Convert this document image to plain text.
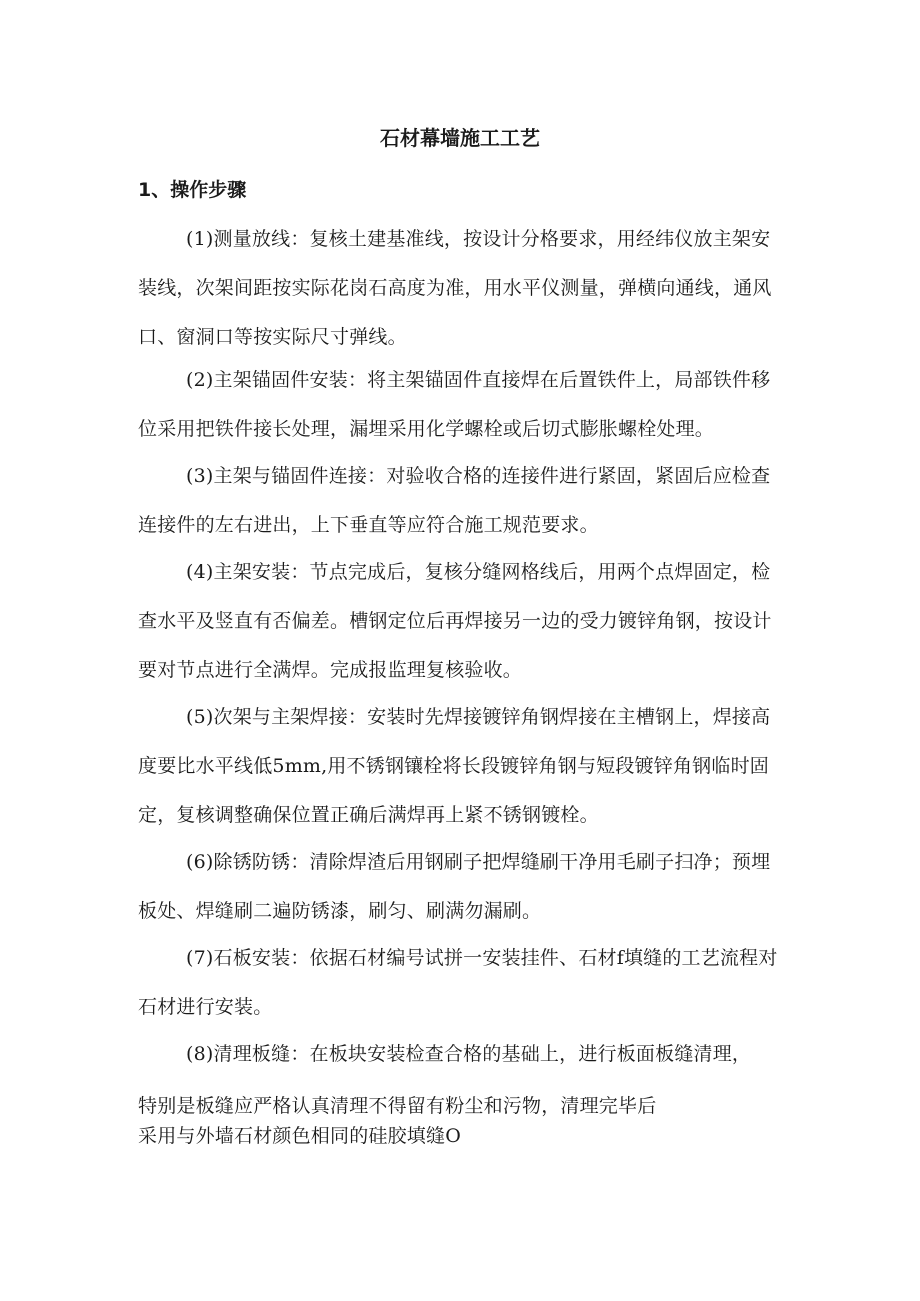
石材幕墙施工工艺
1、操作步骤

(1)测量放线：复核土建基准线，按设计分格要求，用经纬仪放主架安装线，次架间距按实际花岗石高度为准，用水平仪测量，弹横向通线，通风口、窗洞口等按实际尺寸弹线。

(2)主架锚固件安装：将主架锚固件直接焊在后置铁件上，局部铁件移位采用把铁件接长处理，漏埋采用化学螺栓或后切式膨胀螺栓处理。

(3)主架与锚固件连接：对验收合格的连接件进行紧固，紧固后应检查连接件的左右进出，上下垂直等应符合施工规范要求。

(4)主架安装：节点完成后，复核分缝网格线后，用两个点焊固定，检查水平及竖直有否偏差。槽钢定位后再焊接另一边的受力镀锌角钢，按设计要对节点进行全满焊。完成报监理复核验收。

(5)次架与主架焊接：安装时先焊接镀锌角钢焊接在主槽钢上，焊接高度要比水平线低5mm,用不锈钢镶栓将长段镀锌角钢与短段镀锌角钢临时固定，复核调整确保位置正确后满焊再上紧不锈钢镀栓。

(6)除锈防锈：清除焊渣后用钢刷子把焊缝刷干净用毛刷子扫净；预埋板处、焊缝刷二遍防锈漆，刷匀、刷满勿漏刷。

(7)石板安装：依据石材编号试拼一安装挂件、石材f填缝的工艺流程对石材进行安装。

(8)清理板缝：在板块安装检查合格的基础上，进行板面板缝清理，
特别是板缝应严格认真清理不得留有粉尘和污物，清理完毕后
采用与外墙石材颜色相同的硅胶填缝O
